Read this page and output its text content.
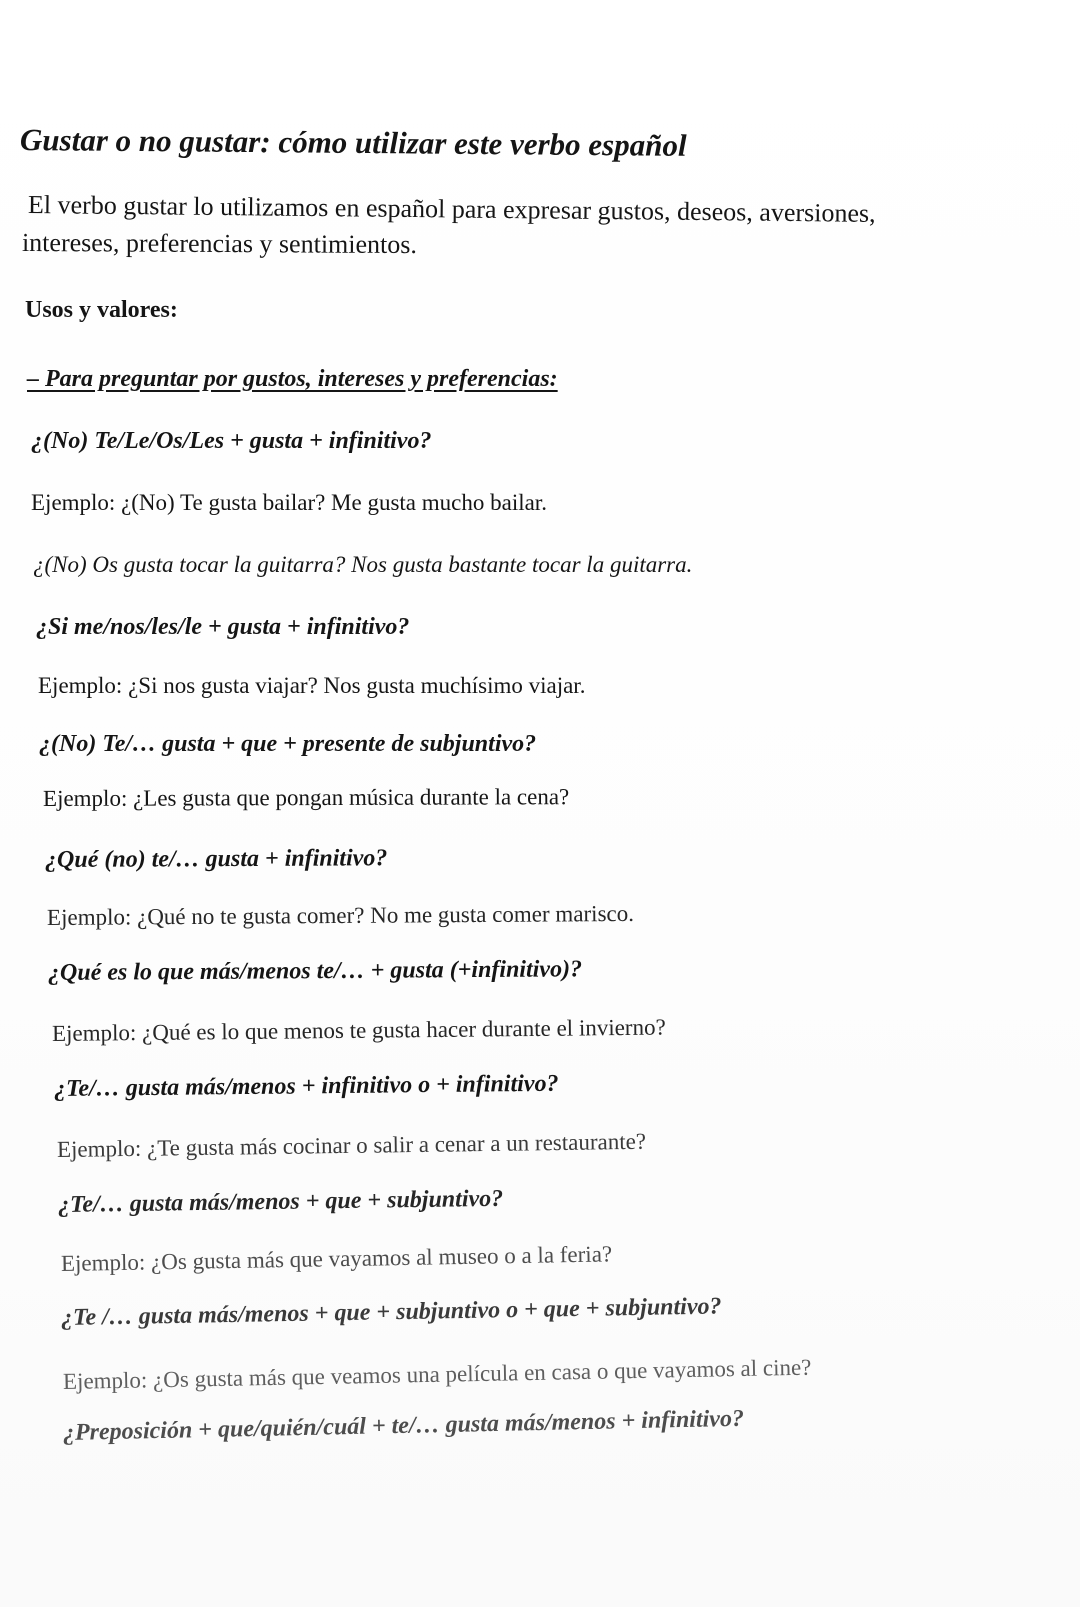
Gustar o no gustar: cómo utilizar este verbo español
El verbo gustar lo utilizamos en español para expresar gustos, deseos, aversiones,
intereses, preferencias y sentimientos.
Usos y valores:
– Para preguntar por gustos, intereses y preferencias:
¿(No) Te/Le/Os/Les + gusta + infinitivo?
Ejemplo: ¿(No) Te gusta bailar? Me gusta mucho bailar.
¿(No) Os gusta tocar la guitarra? Nos gusta bastante tocar la guitarra.
¿Si me/nos/les/le + gusta + infinitivo?
Ejemplo: ¿Si nos gusta viajar? Nos gusta muchísimo viajar.
¿(No) Te/… gusta + que + presente de subjuntivo?
Ejemplo: ¿Les gusta que pongan música durante la cena?
¿Qué (no) te/… gusta + infinitivo?
Ejemplo: ¿Qué no te gusta comer? No me gusta comer marisco.
¿Qué es lo que más/menos te/… + gusta (+infinitivo)?
Ejemplo: ¿Qué es lo que menos te gusta hacer durante el invierno?
¿Te/… gusta más/menos + infinitivo o + infinitivo?
Ejemplo: ¿Te gusta más cocinar o salir a cenar a un restaurante?
¿Te/… gusta más/menos + que + subjuntivo?
Ejemplo: ¿Os gusta más que vayamos al museo o a la feria?
¿Te /… gusta más/menos + que + subjuntivo o + que + subjuntivo?
Ejemplo: ¿Os gusta más que veamos una película en casa o que vayamos al cine?
¿Preposición + que/quién/cuál + te/… gusta más/menos + infinitivo?
